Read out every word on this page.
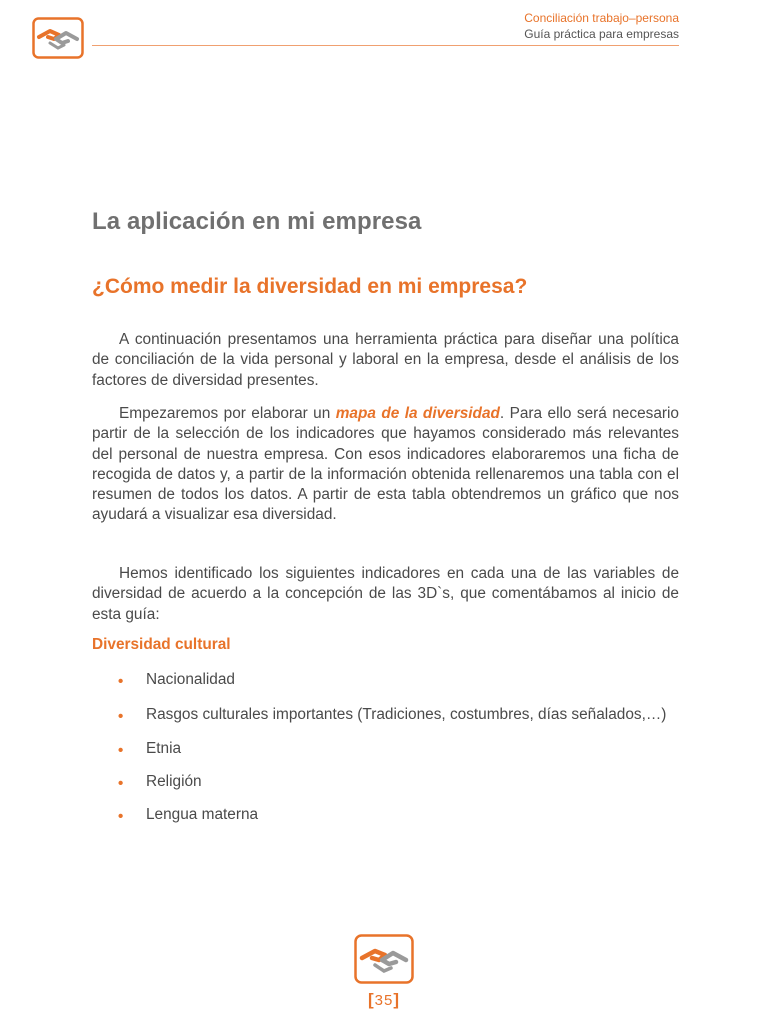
Conciliación trabajo–persona
Guía práctica para empresas
La aplicación en mi empresa
¿Cómo medir la diversidad en mi empresa?

A continuación presentamos una herramienta práctica para diseñar una política de conciliación de la vida personal y laboral en la empresa, desde el análisis de los factores de diversidad presentes.

Empezaremos por elaborar un mapa de la diversidad. Para ello será necesario partir de la selección de los indicadores que hayamos considerado más relevantes del personal de nuestra empresa. Con esos indicadores elaboraremos una ficha de recogida de datos y, a partir de la información obtenida rellenaremos una tabla con el resumen de todos los datos. A partir de esta tabla obtendremos un gráfico que nos ayudará a visualizar esa diversidad.

Hemos identificado los siguientes indicadores en cada una de las variables de diversidad de acuerdo a la concepción de las 3D`s, que comentábamos al inicio de esta guía:

Diversidad cultural
• Nacionalidad
• Rasgos culturales importantes (Tradiciones, costumbres, días señalados,…)
• Etnia
• Religión
• Lengua materna
[35]
